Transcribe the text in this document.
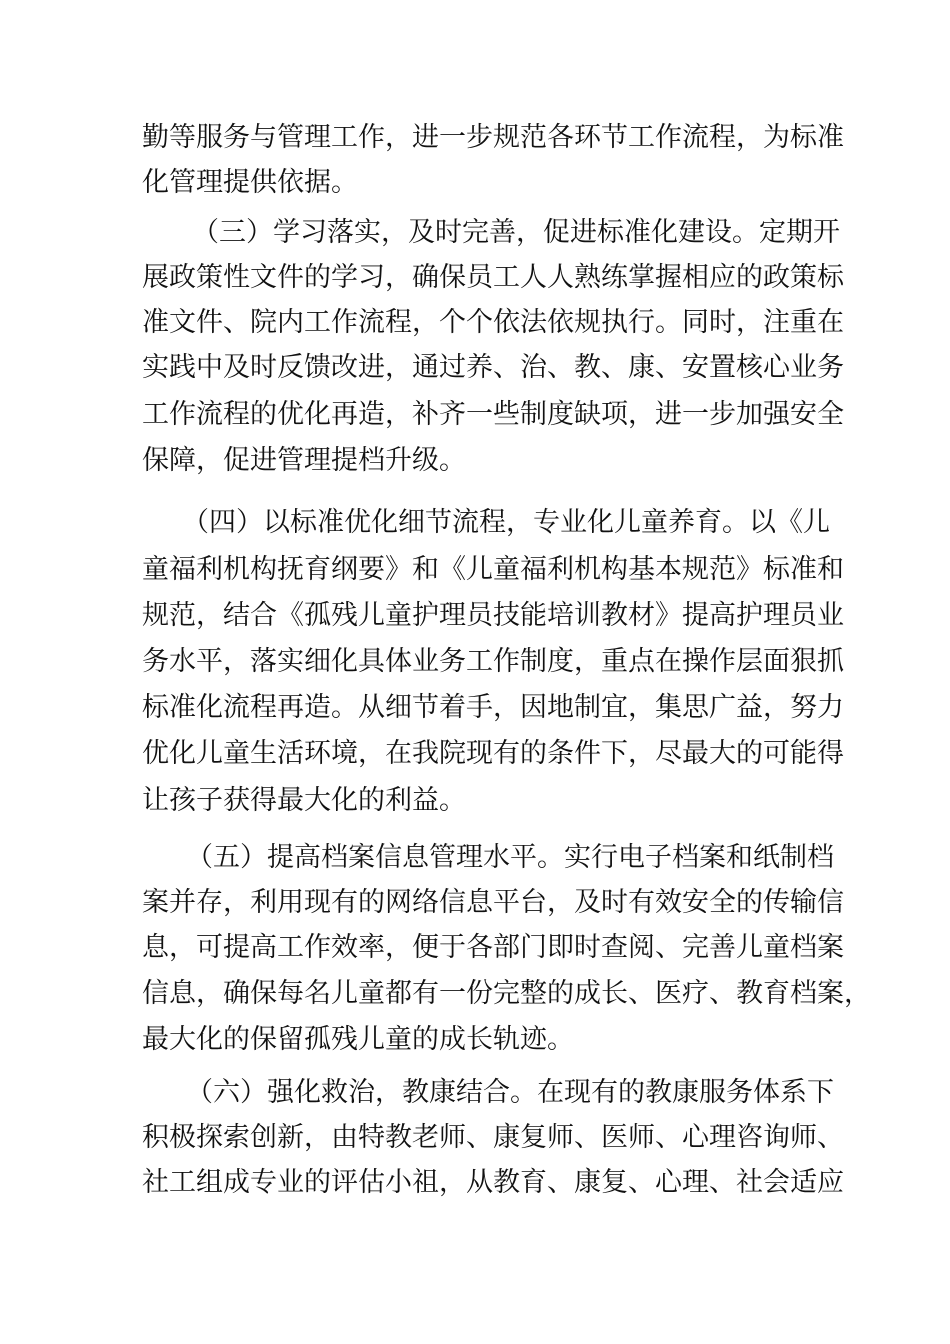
勤等服务与管理工作，进一步规范各环节工作流程，为标准
化管理提供依据。
（三）学习落实，及时完善，促进标准化建设。定期开
展政策性文件的学习，确保员工人人熟练掌握相应的政策标
准文件、院内工作流程，个个依法依规执行。同时，注重在
实践中及时反馈改进，通过养、治、教、康、安置核心业务
工作流程的优化再造，补齐一些制度缺项，进一步加强安全
保障，促进管理提档升级。
（四）以标准优化细节流程，专业化儿童养育。以《儿
童福利机构抚育纲要》和《儿童福利机构基本规范》标准和
规范，结合《孤残儿童护理员技能培训教材》提高护理员业
务水平，落实细化具体业务工作制度，重点在操作层面狠抓
标准化流程再造。从细节着手，因地制宜，集思广益，努力
优化儿童生活环境，在我院现有的条件下，尽最大的可能得
让孩子获得最大化的利益。
（五）提高档案信息管理水平。实行电子档案和纸制档
案并存，利用现有的网络信息平台，及时有效安全的传输信
息，可提高工作效率，便于各部门即时查阅、完善儿童档案
信息，确保每名儿童都有一份完整的成长、医疗、教育档案，
最大化的保留孤残儿童的成长轨迹。
（六）强化救治，教康结合。在现有的教康服务体系下
积极探索创新，由特教老师、康复师、医师、心理咨询师、
社工组成专业的评估小祖，从教育、康复、心理、社会适应
